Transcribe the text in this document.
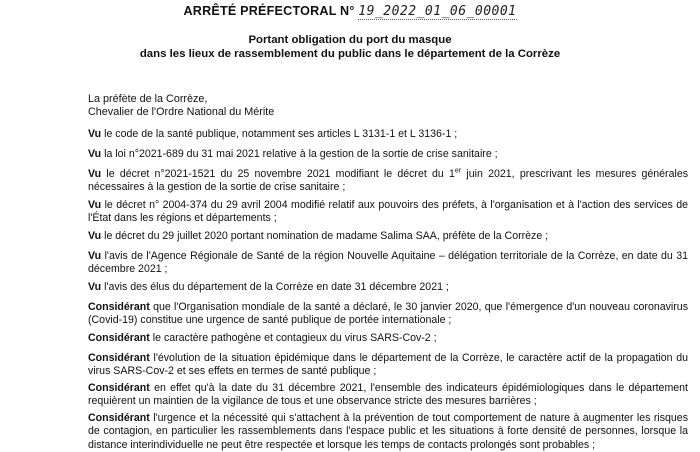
ARRÊTÉ PRÉFECTORAL N° 19_2022_01_06_00001
Portant obligation du port du masque
dans les lieux de rassemblement du public dans le département de la Corrèze
La préfète de la Corrèze,
Chevalier de l'Ordre National du Mérite
Vu le code de la santé publique, notamment ses articles L 3131-1 et L 3136-1 ;
Vu la loi n°2021-689 du 31 mai 2021 relative à la gestion de la sortie de crise sanitaire ;
Vu le décret n°2021-1521 du 25 novembre 2021 modifiant le décret du 1er juin 2021, prescrivant les mesures générales nécessaires à la gestion de la sortie de crise sanitaire ;
Vu le décret n° 2004-374 du 29 avril 2004 modifié relatif aux pouvoirs des préfets, à l'organisation et à l'action des services de l'État dans les régions et départements ;
Vu le décret du 29 juillet 2020 portant nomination de madame Salima SAA, préfète de la Corrèze ;
Vu l'avis de l'Agence Régionale de Santé de la région Nouvelle Aquitaine – délégation territoriale de la Corrèze, en date du 31 décembre 2021 ;
Vu l'avis des élus du département de la Corrèze en date 31 décembre 2021 ;
Considérant que l'Organisation mondiale de la santé a déclaré, le 30 janvier 2020, que l'émergence d'un nouveau coronavirus (Covid-19) constitue une urgence de santé publique de portée internationale ;
Considérant le caractère pathogène et contagieux du virus SARS-Cov-2 ;
Considérant l'évolution de la situation épidémique dans le département de la Corrèze, le caractère actif de la propagation du virus SARS-Cov-2 et ses effets en termes de santé publique ;
Considérant en effet qu'à la date du 31 décembre 2021, l'ensemble des indicateurs épidémiologiques dans le département requièrent un maintien de la vigilance de tous et une observance stricte des mesures barrières ;
Considérant l'urgence et la nécessité qui s'attachent à la prévention de tout comportement de nature à augmenter les risques de contagion, en particulier les rassemblements dans l'espace public et les situations à forte densité de personnes, lorsque la distance interindividuelle ne peut être respectée et lorsque les temps de contacts prolongés sont probables ;
